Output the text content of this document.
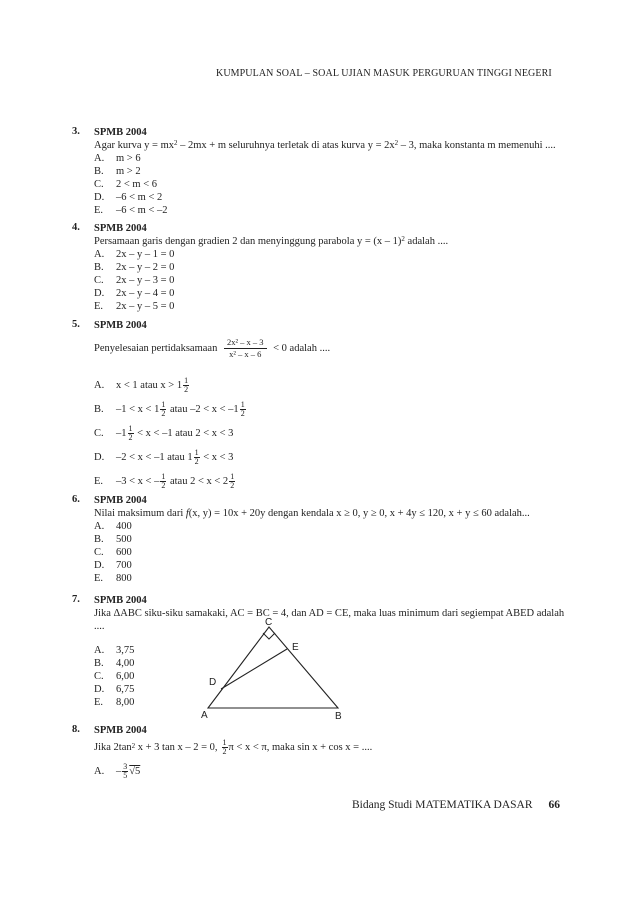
KUMPULAN SOAL – SOAL UJIAN MASUK PERGURUAN TINGGI NEGERI
3. SPMB 2004
Agar kurva $y = mx^2 - 2mx + m$ seluruhnya terletak di atas kurva $y = 2x^2 - 3$, maka konstanta m memenuhi ....
A. m > 6
B. m > 2
C. 2 < m < 6
D. –6 < m < 2
E. –6 < m < –2
4. SPMB 2004
Persamaan garis dengan gradien 2 dan menyinggung parabola y = (x – 1)$^2$ adalah ....
A. 2x – y – 1 = 0
B. 2x – y – 2 = 0
C. 2x – y – 3 = 0
D. 2x – y – 4 = 0
E. 2x – y – 5 = 0
5. SPMB 2004
Penyelesaian pertidaksamaan $\frac{\text{2x² – x – 3}}{\text{x² – x – 6}} < 0$ adalah ....
A. x < 1 atau $x > 1 \frac{1}{2}$
B. $-1 < x < 1 \frac{1}{2}$ atau $-2 < x < -1 \frac{1}{2}$
C. $-1 \frac{1}{2} < x < -1$ atau 2 < x < 3
D. –2 < x < –1 atau $1 \frac{1}{2} < x < 3$
E. –3 < x < – $\frac{1}{2}$ atau $2 < x < 2 \frac{1}{2}$
6. SPMB 2004
Nilai maksimum dari f(x, y) = 10x + 20y dengan kendala x ≥ 0, y ≥ 0, x + 4y ≤ 120, x + y ≤ 60 adalah...
A. 400
B. 500
C. 600
D. 700
E. 800
7. SPMB 2004
Jika ΔABC siku-siku samakaki, AC = BC = 4, dan AD = CE, maka luas minimum dari segiempat ABED adalah
....
A. 3,75
B. 4,00
C. 6,00
D. 6,75
E. 8,00
C
E
D
A	B
8. SPMB 2004
Jika $2\tan^2$ x + 3 tan x – 2 = 0, $\frac{1}{2}$ π < x < π, maka sin x + cos x = ....
A. – $\frac{3}{5} √5$
Bidang Studi MATEMATIKA DASAR 66
